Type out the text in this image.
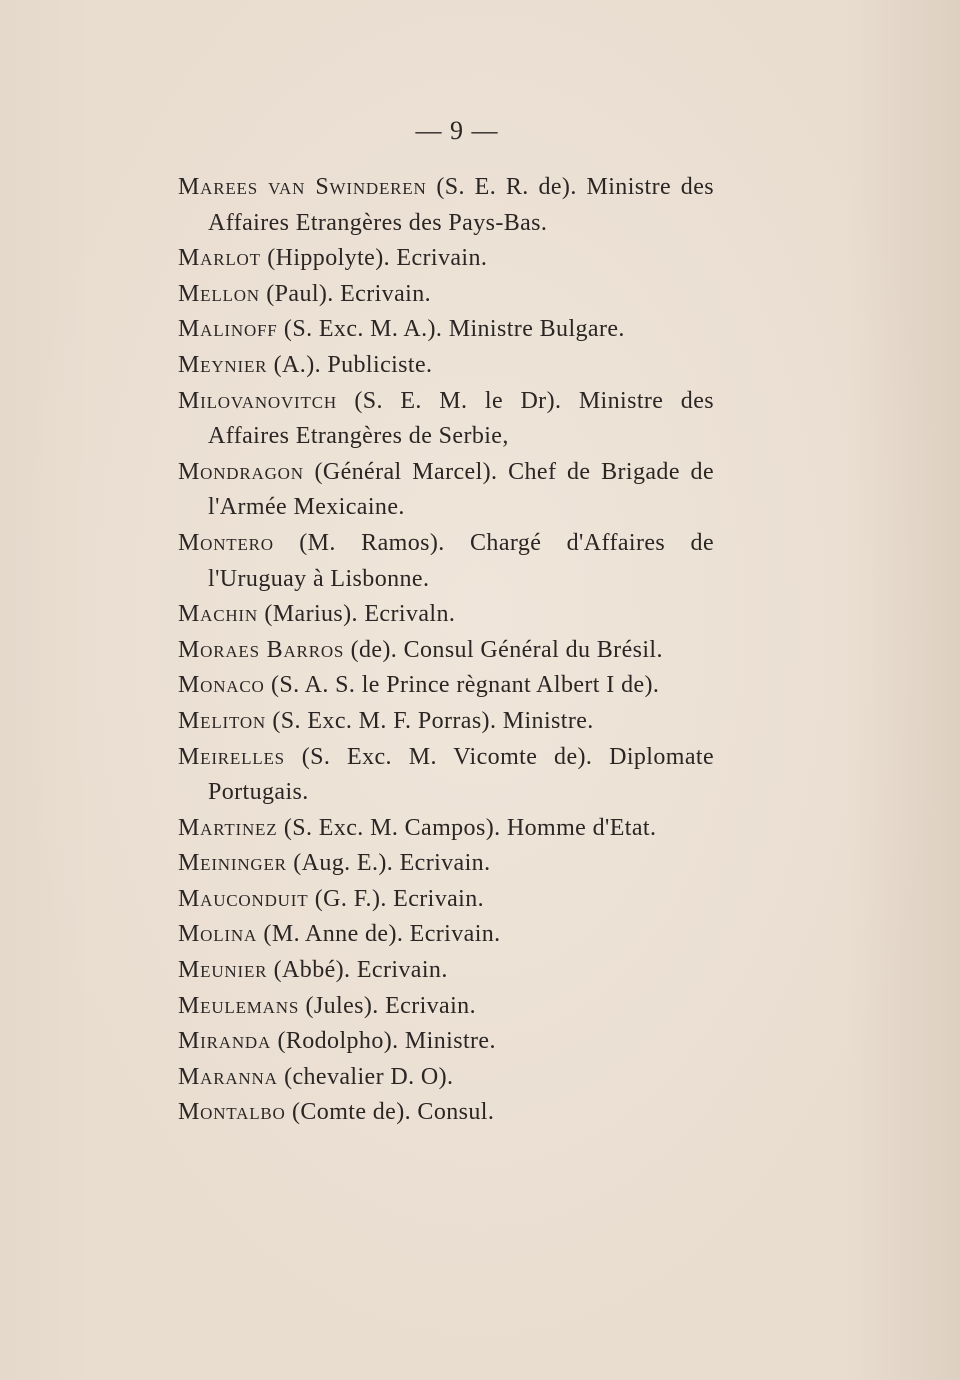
— 9 —
Marees van Swinderen (S. E. R. de). Ministre des Affaires Etrangères des Pays-Bas.
Marlot (Hippolyte). Ecrivain.
Mellon (Paul). Ecrivain.
Malinoff (S. Exc. M. A.). Ministre Bulgare.
Meynier (A.). Publiciste.
Milovanovitch (S. E. M. le Dr). Ministre des Affaires Etrangères de Serbie,
Mondragon (Général Marcel). Chef de Brigade de l'Armée Mexicaine.
Montero (M. Ramos). Chargé d'Affaires de l'Uruguay à Lisbonne.
Machin (Marius). Ecrivaln.
Moraes Barros (de). Consul Général du Brésil.
Monaco (S. A. S. le Prince règnant Albert I de).
Meliton (S. Exc. M. F. Porras). Ministre.
Meirelles (S. Exc. M. Vicomte de). Diplomate Portugais.
Martinez (S. Exc. M. Campos). Homme d'Etat.
Meininger (Aug. E.). Ecrivain.
Mauconduit (G. F.). Ecrivain.
Molina (M. Anne de). Ecrivain.
Meunier (Abbé). Ecrivain.
Meulemans (Jules). Ecrivain.
Miranda (Rodolpho). Ministre.
Maranna (chevalier D. O).
Montalbo (Comte de). Consul.
